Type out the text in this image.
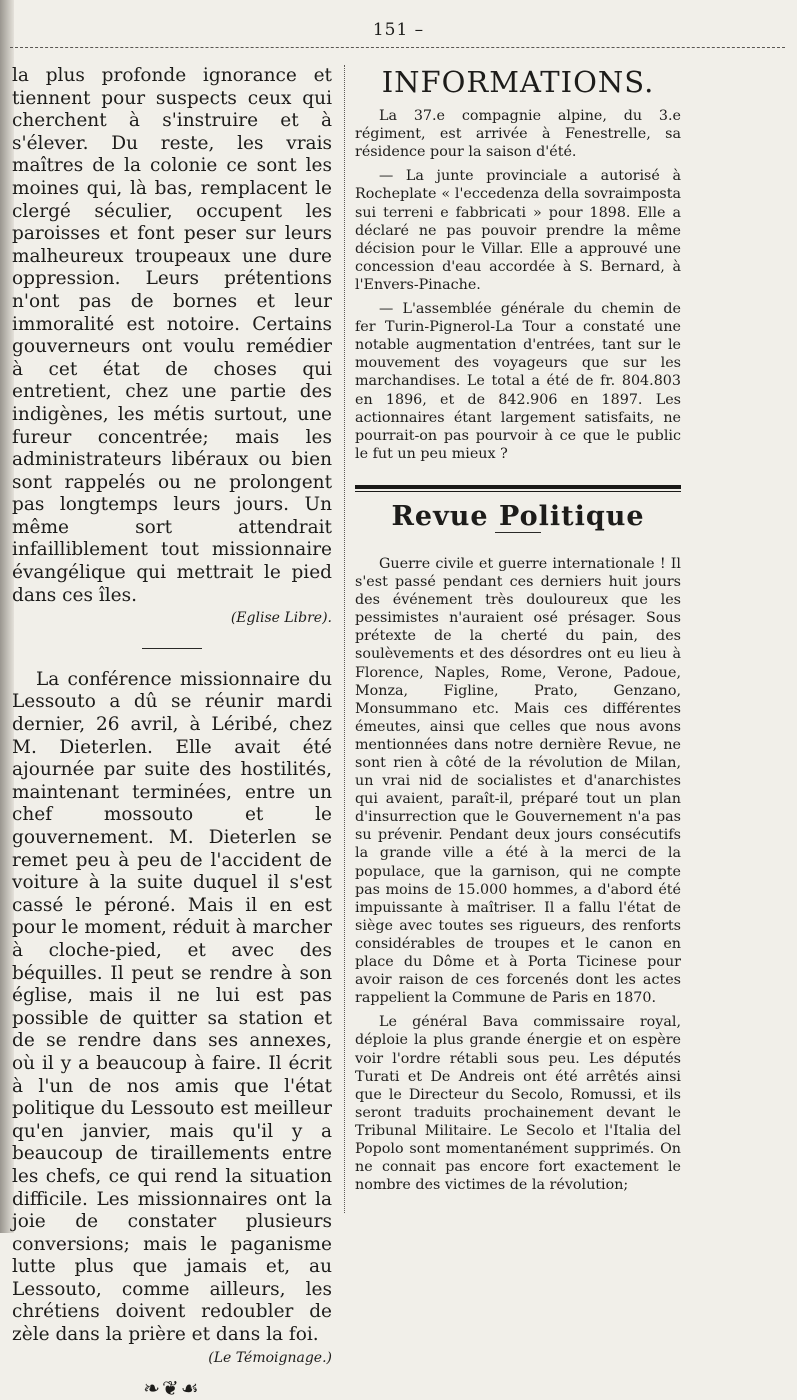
151 –

la plus profonde ignorance et tiennent pour suspects ceux qui cherchent à s'instruire et à s'élever. Du reste, les vrais maîtres de la colonie ce sont les moines qui, là bas, remplacent le clergé séculier, occupent les paroisses et font peser sur leurs malheureux troupeaux une dure oppression. Leurs prétentions n'ont pas de bornes et leur immoralité est notoire. Certains gouverneurs ont voulu remédier à cet état de choses qui entretient, chez une partie des indigènes, les métis surtout, une fureur concentrée; mais les administrateurs libéraux ou bien sont rappelés ou ne prolongent pas longtemps leurs jours. Un même sort attendrait infailliblement tout missionnaire évangélique qui mettrait le pied dans ces îles.

(Eglise Libre).

La conférence missionnaire du Lessouto a dû se réunir mardi dernier, 26 avril, à Léribé, chez M. Dieterlen. Elle avait été ajournée par suite des hostilités, maintenant terminées, entre un chef mossouto et le gouvernement. M. Dieterlen se remet peu à peu de l'accident de voiture à la suite duquel il s'est cassé le péroné. Mais il en est pour le moment, réduit à marcher à cloche-pied, et avec des béquilles. Il peut se rendre à son église, mais il ne lui est pas possible de quitter sa station et de se rendre dans ses annexes, où il y a beaucoup à faire. Il écrit à l'un de nos amis que l'état politique du Lessouto est meilleur qu'en janvier, mais qu'il y a beaucoup de tiraillements entre les chefs, ce qui rend la situation difficile. Les missionnaires ont la joie de constater plusieurs conversions; mais le paganisme lutte plus que jamais et, au Lessouto, comme ailleurs, les chrétiens doivent redoubler de zèle dans la prière et dans la foi.

(Le Témoignage.)

❧❦☙
INFORMATIONS.

La 37.e compagnie alpine, du 3.e régiment, est arrivée à Fenestrelle, sa résidence pour la saison d'été.

— La junte provinciale a autorisé à Rocheplate « l'eccedenza della sovraimposta sui terreni e fabbricati » pour 1898. Elle a déclaré ne pas pouvoir prendre la même décision pour le Villar. Elle a approuvé une concession d'eau accordée à S. Bernard, à l'Envers-Pinache.

— L'assemblée générale du chemin de fer Turin-Pignerol-La Tour a constaté une notable augmentation d'entrées, tant sur le mouvement des voyageurs que sur les marchandises. Le total a été de fr. 804.803 en 1896, et de 842.906 en 1897. Les actionnaires étant largement satisfaits, ne pourrait-on pas pourvoir à ce que le public le fut un peu mieux ?

Revue Politique

Guerre civile et guerre internationale ! Il s'est passé pendant ces derniers huit jours des événement très douloureux que les pessimistes n'auraient osé présager. Sous prétexte de la cherté du pain, des soulèvements et des désordres ont eu lieu à Florence, Naples, Rome, Verone, Padoue, Monza, Figline, Prato, Genzano, Monsummano etc. Mais ces différentes émeutes, ainsi que celles que nous avons mentionnées dans notre dernière Revue, ne sont rien à côté de la révolution de Milan, un vrai nid de socialistes et d'anarchistes qui avaient, paraît-il, préparé tout un plan d'insurrection que le Gouvernement n'a pas su prévenir. Pendant deux jours consécutifs la grande ville a été à la merci de la populace, que la garnison, qui ne compte pas moins de 15.000 hommes, a d'abord été impuissante à maîtriser. Il a fallu l'état de siège avec toutes ses rigueurs, des renforts considérables de troupes et le canon en place du Dôme et à Porta Ticinese pour avoir raison de ces forcenés dont les actes rappelient la Commune de Paris en 1870.

Le général Bava commissaire royal, déploie la plus grande énergie et on espère voir l'ordre rétabli sous peu. Les députés Turati et De Andreis ont été arrêtés ainsi que le Directeur du Secolo, Romussi, et ils seront traduits prochainement devant le Tribunal Militaire. Le Secolo et l'Italia del Popolo sont momentanément supprimés. On ne connait pas encore fort exactement le nombre des victimes de la révolution;
